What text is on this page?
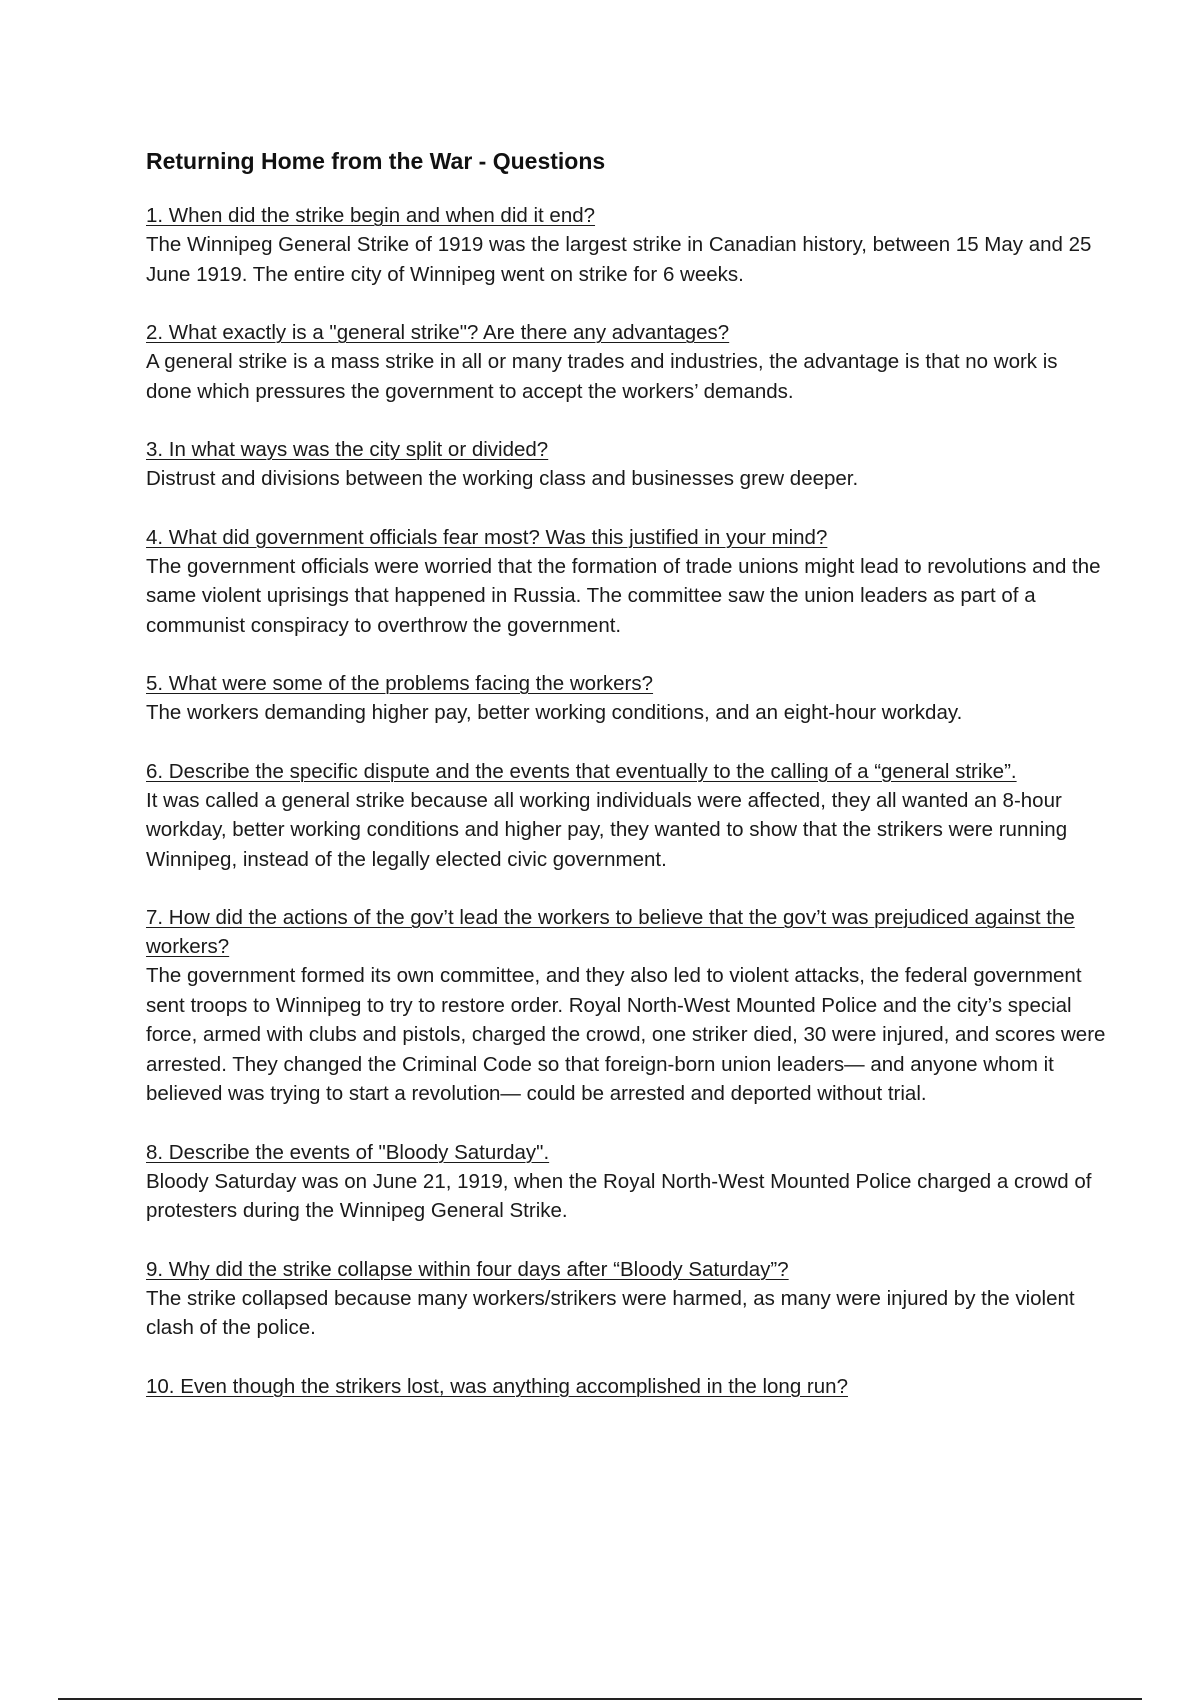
Returning Home from the War - Questions

1. When did the strike begin and when did it end?

The Winnipeg General Strike of 1919 was the largest strike in Canadian history, between 15 May and 25 June 1919. The entire city of Winnipeg went on strike for 6 weeks.

2. What exactly is a "general strike"? Are there any advantages?

A general strike is a mass strike in all or many trades and industries, the advantage is that no work is done which pressures the government to accept the workers’ demands.

3. In what ways was the city split or divided?

Distrust and divisions between the working class and businesses grew deeper.

4. What did government officials fear most? Was this justified in your mind?

The government officials were worried that the formation of trade unions might lead to revolutions and the same violent uprisings that happened in Russia. The committee saw the union leaders as part of a communist conspiracy to overthrow the government.

5. What were some of the problems facing the workers?

The workers demanding higher pay, better working conditions, and an eight-hour workday.

6. Describe the specific dispute and the events that eventually to the calling of a “general strike”.

It was called a general strike because all working individuals were affected, they all wanted an 8-hour workday, better working conditions and higher pay, they wanted to show that the strikers were running Winnipeg, instead of the legally elected civic government.

7. How did the actions of the gov’t lead the workers to believe that the gov’t was prejudiced against the workers?

The government formed its own committee, and they also led to violent attacks, the federal government sent troops to Winnipeg to try to restore order. Royal North-West Mounted Police and the city’s special force, armed with clubs and pistols, charged the crowd, one striker died, 30 were injured, and scores were arrested. They changed the Criminal Code so that foreign-born union leaders— and anyone whom it believed was trying to start a revolution— could be arrested and deported without trial.

8. Describe the events of "Bloody Saturday".

Bloody Saturday was on June 21, 1919, when the Royal North-West Mounted Police charged a crowd of protesters during the Winnipeg General Strike.

9. Why did the strike collapse within four days after “Bloody Saturday”?

The strike collapsed because many workers/strikers were harmed, as many were injured by the violent clash of the police.

10. Even though the strikers lost, was anything accomplished in the long run?
